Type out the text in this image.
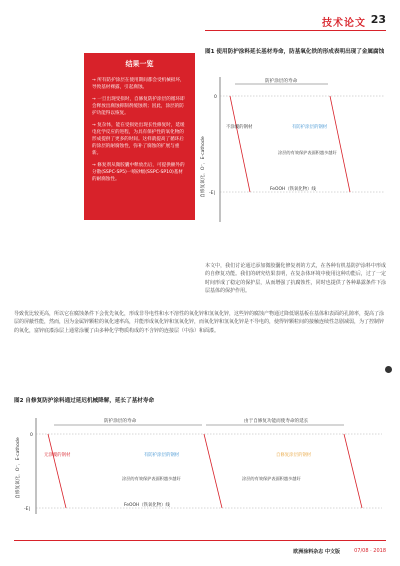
技术论文 23
结果一览
→ 所有防护涂层在使用期间都会受机械损坏，导致基材裸露，引起腐蚀。
→ 一旦出现受损时，自修复防护涂层的循环即会释放出腐蚀抑制剂缓蚀剂；因此，涂层的防护功能得以恢复。
→ 复杂体，能在受损处出现长性修复时，延缓电化学反应的进程，为具有保护性的氧化物的形成提供了更多的时间。这样就提高了循环后的涂层的耐腐蚀性，弥补了腐蚀的扩展与重新。
→ 修复剂从微胶囊中释放出后，可提供额外的分散(SSPC-SP5)一喷砂级(SSPC-SP10)基材的耐腐蚀性。
图1 使用防护涂料延长基材寿命，防基氧化铁的形成表明出现了金属腐蚀
自修复氧化，O⁻，E-cathode
0
-E|
防护涂层的寿命
不涂覆的钢材	有防护涂层的钢材
涂层的有效保护表面积越多越好
FeOOH（铁氧化物）线
本文中，我们讨论通过添加微胶囊化修复剂的方式，在各种有机基防护涂料中形成的自修复功能。我们的研究结果表明，在复杂体环境中使用这种功能后，过了一定时间形成了稳定的保护层，从而增强了抗腐蚀性，同时也提供了各种暴露条件下涂层基体的保护作用。
导致优比较更高，所以它在腐蚀条件下会优先氧化，形成非导电性和水不溶性的氧化锌和氢氧化锌，这些锌的腐蚀产物通过降低钢基板在基体和表面的孔隙率，提高了涂层的屏蔽性能，然而，因为金属锌颗粒的氧化速率高，并能形成氧化锌和氢氧化锌，而氧化锌和氢氧化锌是不导电的，使得锌颗粒间的接触连续性急剧减弱，为了控制锌的氧化，富锌底漆涂层上通常涂覆了由多种化学物质构成的不含锌的连接层（中涂）和面漆。
图2 自修复防护涂料通过延迟机械降解，延长了基材寿命
自修复氧化，O⁻，E-cathode
0
-E|
防护涂层的寿命	由于自修复功能而使寿命的延长
无涂覆的钢材	有防护涂层的钢材	自修复涂层的钢材
涂层的有效保护表面积越多越好	涂层的有效保护表面积越多越好
FeOOH（铁氧化物）线
欧洲涂料杂志 中文版	07/08 · 2018
